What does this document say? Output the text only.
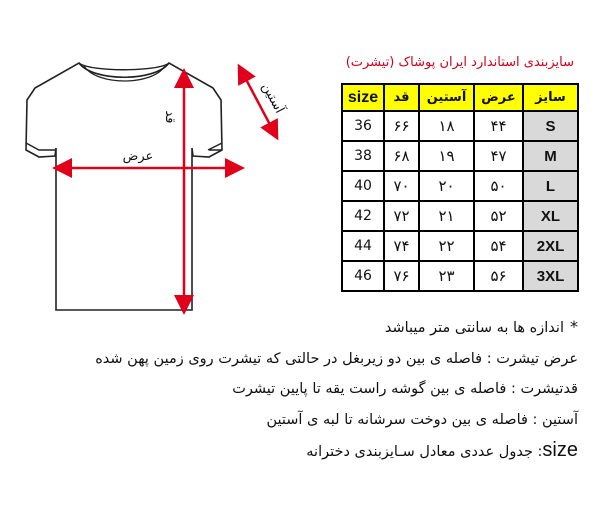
قد
عرض
آستین
سایزبندی استاندارد ایران پوشاک (تیشرت)
سایز	عرض	آستین	قد	size
S	۴۴	۱۸	۶۶	36
M	۴۷	۱۹	۶۸	38
L	۵۰	۲۰	۷۰	40
XL	۵۲	۲۱	۷۲	42
2XL	۵۴	۲۲	۷۴	44
3XL	۵۶	۲۳	۷۶	46
*اندازه ها به سانتی متر میباشد
عرض تیشرت : فاصله ی بین دو زیربغل در حالتی که تیشرت روی زمین پهن شده
قدتیشرت : فاصله ی بین گوشه راست یقه تا پایین تیشرت
آستین : فاصله ی بین دوخت سرشانه تا لبه ی آستین
size: جدول عددی معادل سـایزبندی دخترانه
